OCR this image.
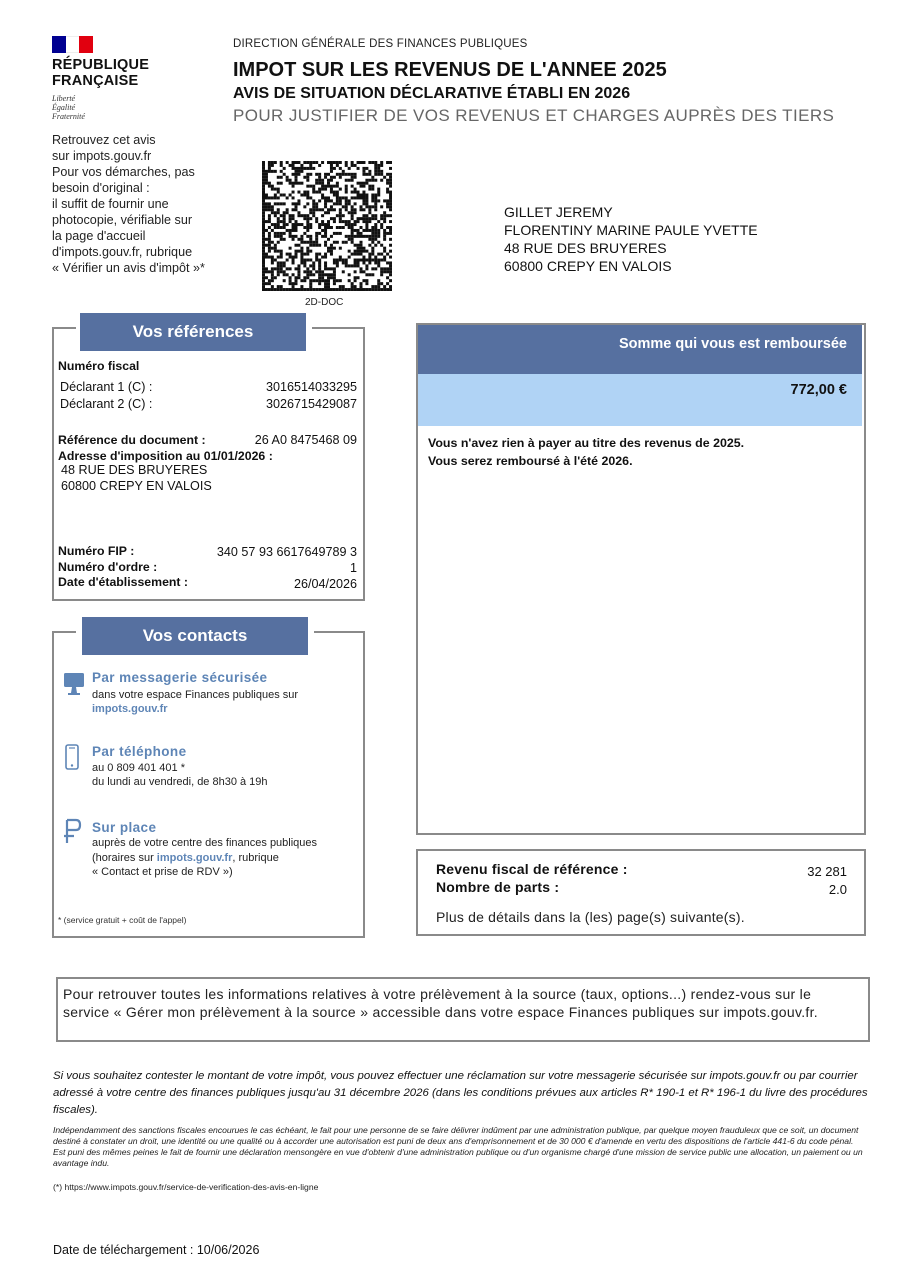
RÉPUBLIQUE
FRANÇAISE
Liberté
Égalité
Fraternité
Retrouvez cet avis
sur impots.gouv.fr
Pour vos démarches, pas
besoin d'original :
il suffit de fournir une
photocopie, vérifiable sur
la page d'accueil
d'impots.gouv.fr, rubrique
« Vérifier un avis d'impôt »*
DIRECTION GÉNÉRALE DES FINANCES PUBLIQUES
IMPOT SUR LES REVENUS DE L'ANNEE 2025
AVIS DE SITUATION DÉCLARATIVE ÉTABLI EN 2026
POUR JUSTIFIER DE VOS REVENUS ET CHARGES AUPRÈS DES TIERS
2D-DOC
GILLET JEREMY
FLORENTINY MARINE PAULE YVETTE
48 RUE DES BRUYERES
60800 CREPY EN VALOIS
Vos références
Numéro fiscal
Déclarant 1 (C) :	3016514033295
Déclarant 2 (C) :	3026715429087
Référence du document :	26 A0 8475468 09
Adresse d'imposition au 01/01/2026 :
48 RUE DES BRUYERES
60800 CREPY EN VALOIS
Numéro FIP :	340 57 93 6617649789 3
Numéro d'ordre :	1
Date d'établissement :	26/04/2026
Vos contacts
Par messagerie sécurisée
dans votre espace Finances publiques sur
impots.gouv.fr
Par téléphone
au 0 809 401 401 *
du lundi au vendredi, de 8h30 à 19h
Sur place
auprès de votre centre des finances publiques
(horaires sur impots.gouv.fr, rubrique
« Contact et prise de RDV »)
* (service gratuit + coût de l'appel)
Somme qui vous est remboursée
772,00 €
Vous n'avez rien à payer au titre des revenus de 2025.
Vous serez remboursé à l'été 2026.
Revenu fiscal de référence :	32 281
Nombre de parts :	2.0
Plus de détails dans la (les) page(s) suivante(s).
Pour retrouver toutes les informations relatives à votre prélèvement à la source (taux, options...) rendez-vous sur le
service « Gérer mon prélèvement à la source » accessible dans votre espace Finances publiques sur impots.gouv.fr.
Si vous souhaitez contester le montant de votre impôt, vous pouvez effectuer une réclamation sur votre messagerie sécurisée sur impots.gouv.fr ou par courrier adressé à votre centre des finances publiques jusqu'au 31 décembre 2026 (dans les conditions prévues aux articles R* 190-1 et R* 196-1 du livre des procédures fiscales).
Indépendamment des sanctions fiscales encourues le cas échéant, le fait pour une personne de se faire délivrer indûment par une administration publique, par quelque moyen frauduleux que ce soit, un document destiné à constater un droit, une identité ou une qualité ou à accorder une autorisation est puni de deux ans d'emprisonnement et de 30 000 € d'amende en vertu des dispositions de l'article 441-6 du code pénal.
Est puni des mêmes peines le fait de fournir une déclaration mensongère en vue d'obtenir d'une administration publique ou d'un organisme chargé d'une mission de service public une allocation, un paiement ou un avantage indu.
(*) https://www.impots.gouv.fr/service-de-verification-des-avis-en-ligne
Date de téléchargement : 10/06/2026
